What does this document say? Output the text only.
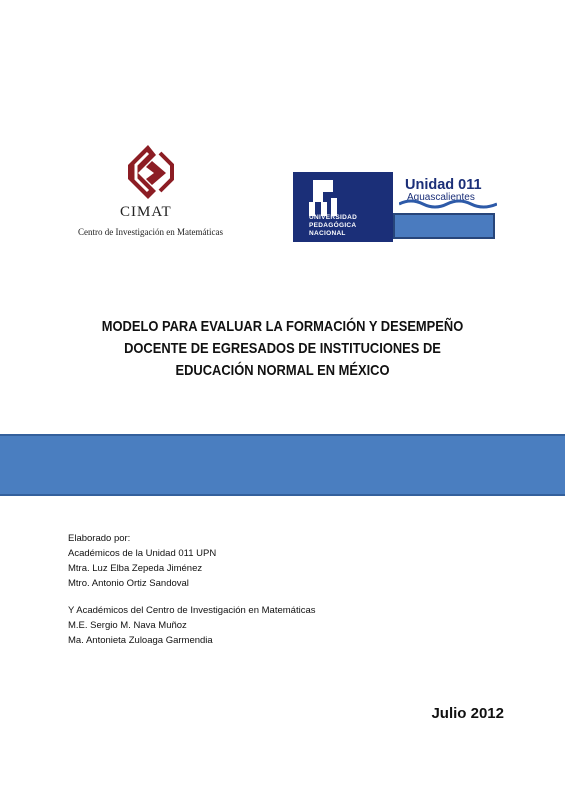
CIMAT
Centro de Investigación en Matemáticas
UNIVERSIDAD
PEDAGÓGICA
NACIONAL
Unidad 011
Aguascalientes
MODELO PARA EVALUAR LA FORMACIÓN Y DESEMPEÑO
DOCENTE DE EGRESADOS DE INSTITUCIONES DE
EDUCACIÓN NORMAL EN MÉXICO
Elaborado por:
Académicos de la Unidad 011 UPN
Mtra. Luz Elba Zepeda Jiménez
Mtro. Antonio Ortiz Sandoval
Y Académicos del Centro de Investigación en Matemáticas
M.E. Sergio M. Nava Muñoz
Ma. Antonieta Zuloaga Garmendia
Julio 2012
